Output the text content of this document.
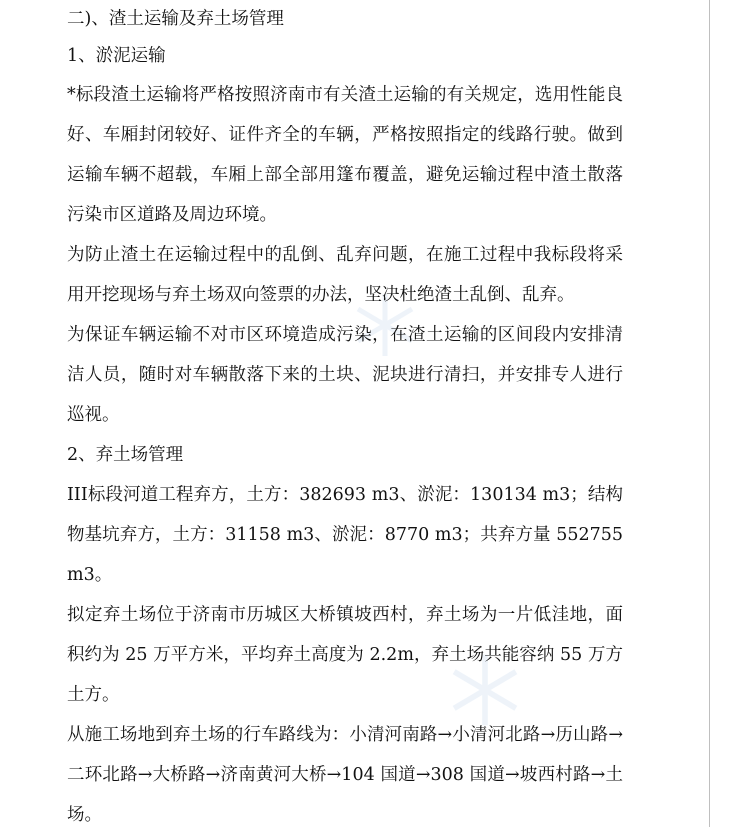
二)、渣土运输及弃土场管理

1、淤泥运输

*标段渣土运输将严格按照济南市有关渣土运输的有关规定，选用性能良好、车厢封闭较好、证件齐全的车辆，严格按照指定的线路行驶。做到运输车辆不超载，车厢上部全部用篷布覆盖，避免运输过程中渣土散落污染市区道路及周边环境。

为防止渣土在运输过程中的乱倒、乱弃问题，在施工过程中我标段将采用开挖现场与弃土场双向签票的办法，坚决杜绝渣土乱倒、乱弃。

为保证车辆运输不对市区环境造成污染，在渣土运输的区间段内安排清洁人员，随时对车辆散落下来的土块、泥块进行清扫，并安排专人进行巡视。

2、弃土场管理

III标段河道工程弃方，土方：382693 m3、淤泥：130134 m3；结构物基坑弃方，土方：31158 m3、淤泥：8770 m3；共弃方量 552755 m3。

拟定弃土场位于济南市历城区大桥镇坡西村，弃土场为一片低洼地，面积约为 25 万平方米，平均弃土高度为 2.2m，弃土场共能容纳 55 万方土方。

从施工场地到弃土场的行车路线为：小清河南路→小清河北路→历山路→二环北路→大桥路→济南黄河大桥→104 国道→308 国道→坡西村路→土场。
